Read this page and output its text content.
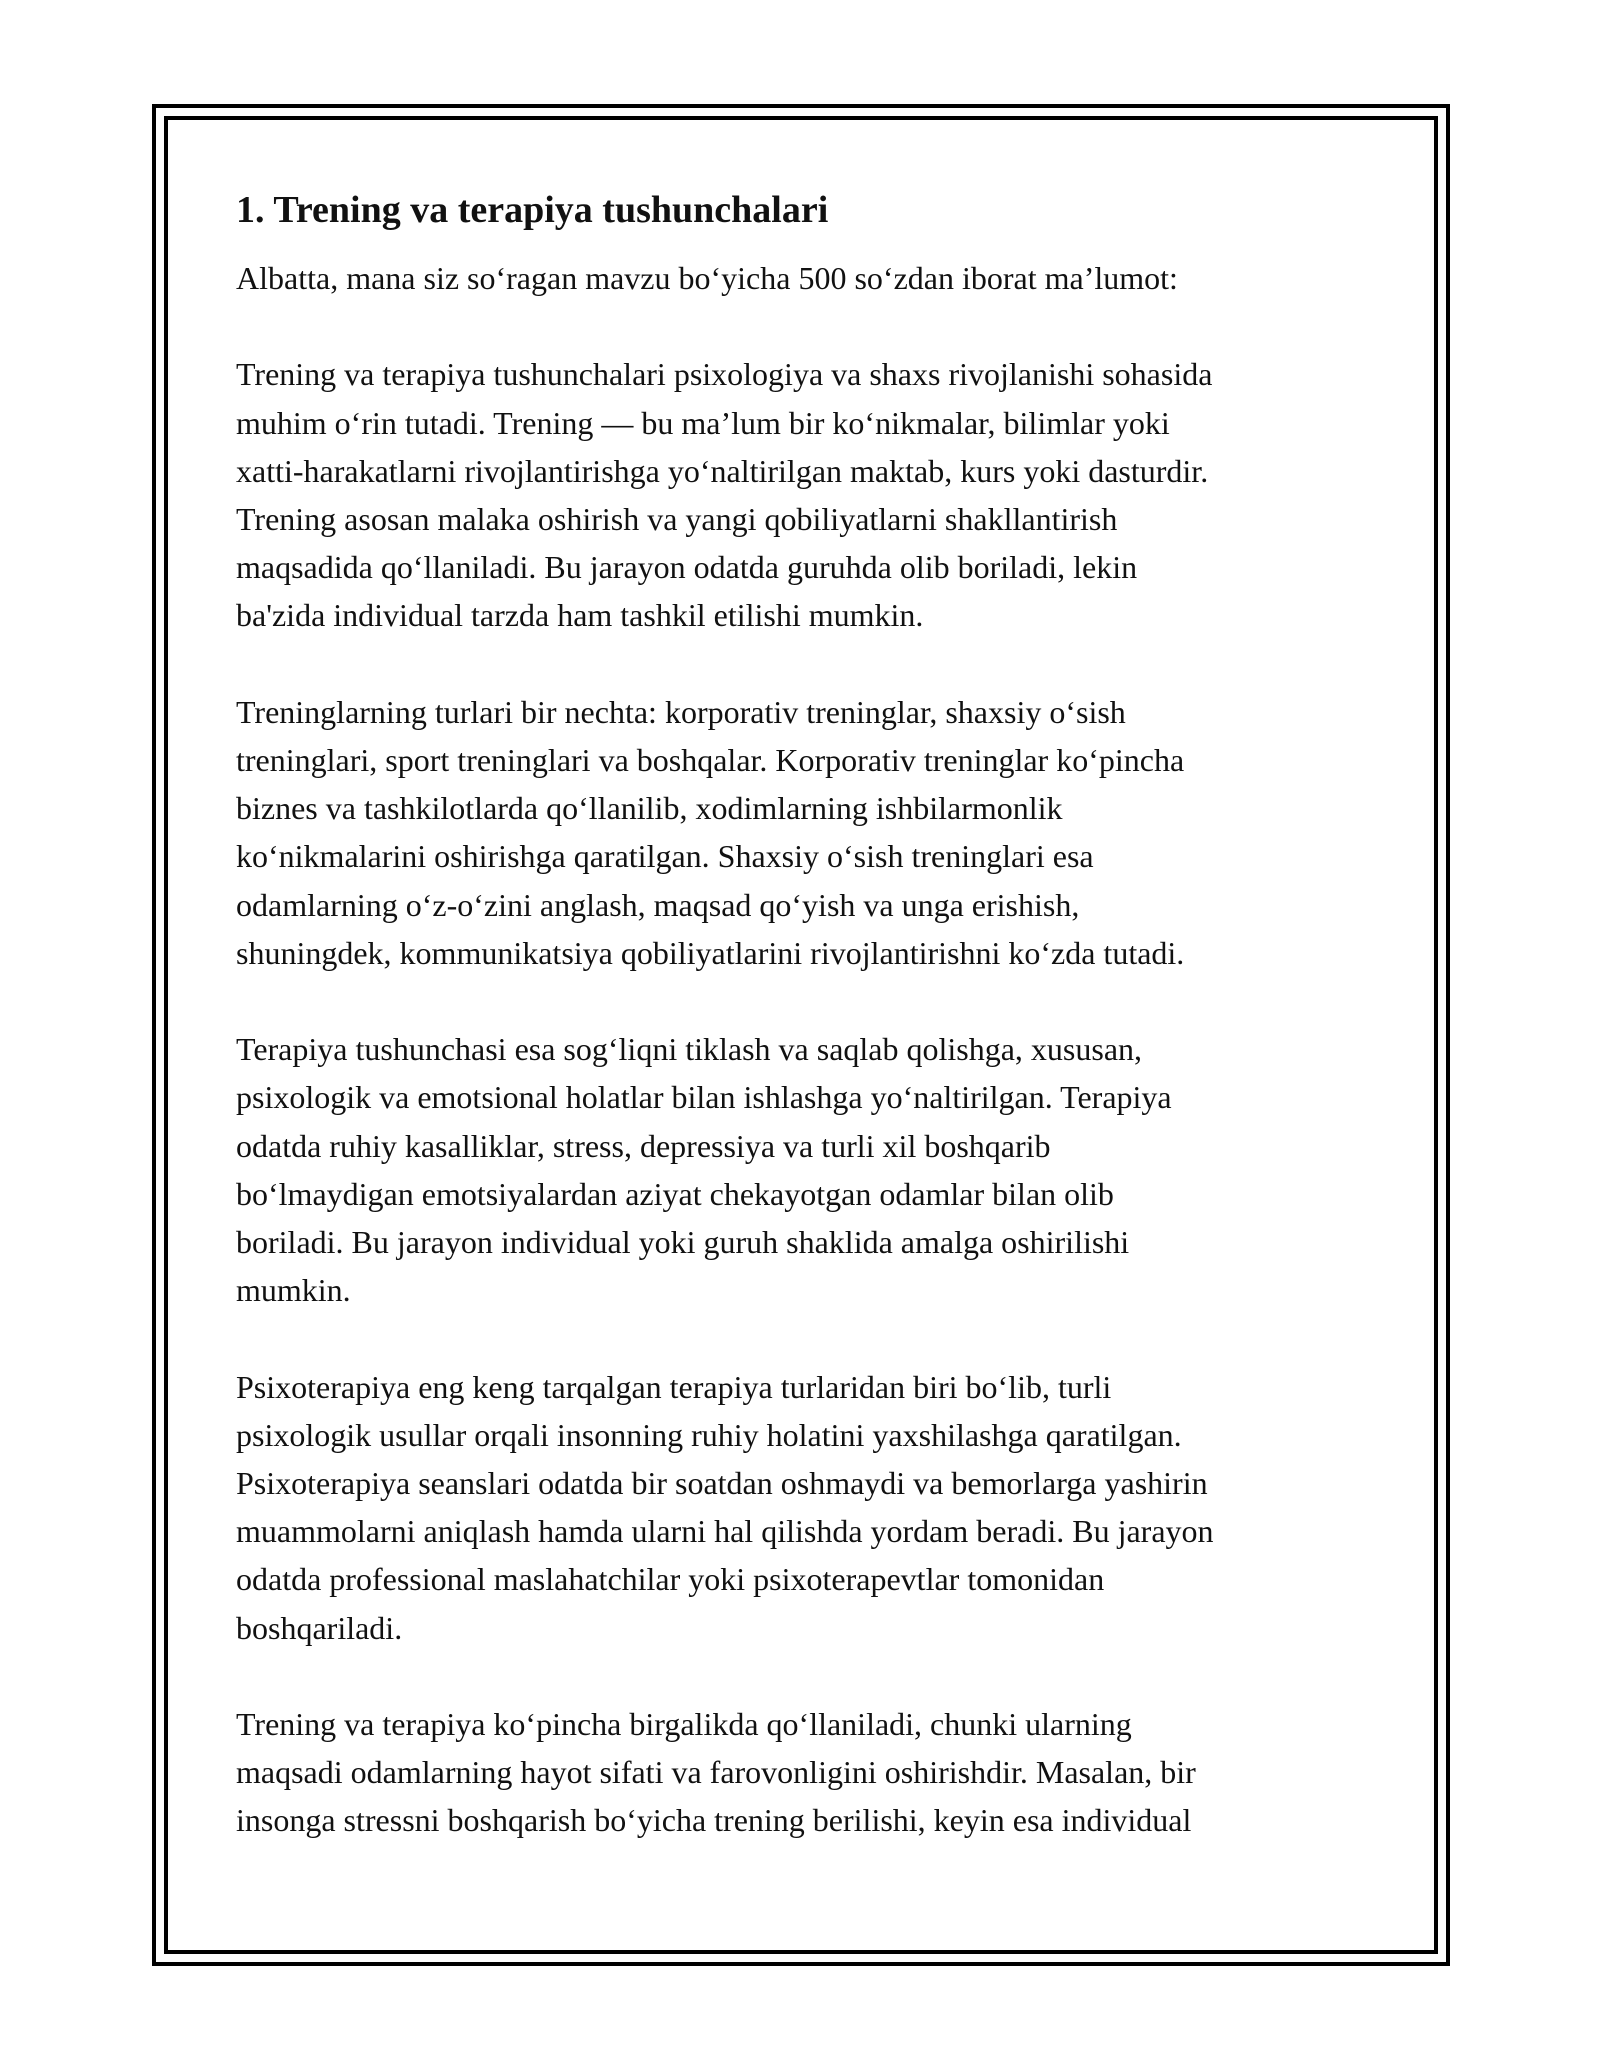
1. Trening va terapiya tushunchalari

Albatta, mana siz so‘ragan mavzu bo‘yicha 500 so‘zdan iborat ma’lumot:

Trening va terapiya tushunchalari psixologiya va shaxs rivojlanishi sohasida
muhim o‘rin tutadi. Trening — bu ma’lum bir ko‘nikmalar, bilimlar yoki
xatti-harakatlarni rivojlantirishga yo‘naltirilgan maktab, kurs yoki dasturdir.
Trening asosan malaka oshirish va yangi qobiliyatlarni shakllantirish
maqsadida qo‘llaniladi. Bu jarayon odatda guruhda olib boriladi, lekin
ba'zida individual tarzda ham tashkil etilishi mumkin.

Treninglarning turlari bir nechta: korporativ treninglar, shaxsiy o‘sish
treninglari, sport treninglari va boshqalar. Korporativ treninglar ko‘pincha
biznes va tashkilotlarda qo‘llanilib, xodimlarning ishbilarmonlik
ko‘nikmalarini oshirishga qaratilgan. Shaxsiy o‘sish treninglari esa
odamlarning o‘z-o‘zini anglash, maqsad qo‘yish va unga erishish,
shuningdek, kommunikatsiya qobiliyatlarini rivojlantirishni ko‘zda tutadi.

Terapiya tushunchasi esa sog‘liqni tiklash va saqlab qolishga, xususan,
psixologik va emotsional holatlar bilan ishlashga yo‘naltirilgan. Terapiya
odatda ruhiy kasalliklar, stress, depressiya va turli xil boshqarib
bo‘lmaydigan emotsiyalardan aziyat chekayotgan odamlar bilan olib
boriladi. Bu jarayon individual yoki guruh shaklida amalga oshirilishi
mumkin.

Psixoterapiya eng keng tarqalgan terapiya turlaridan biri bo‘lib, turli
psixologik usullar orqali insonning ruhiy holatini yaxshilashga qaratilgan.
Psixoterapiya seanslari odatda bir soatdan oshmaydi va bemorlarga yashirin
muammolarni aniqlash hamda ularni hal qilishda yordam beradi. Bu jarayon
odatda professional maslahatchilar yoki psixoterapevtlar tomonidan
boshqariladi.

Trening va terapiya ko‘pincha birgalikda qo‘llaniladi, chunki ularning
maqsadi odamlarning hayot sifati va farovonligini oshirishdir. Masalan, bir
insonga stressni boshqarish bo‘yicha trening berilishi, keyin esa individual
